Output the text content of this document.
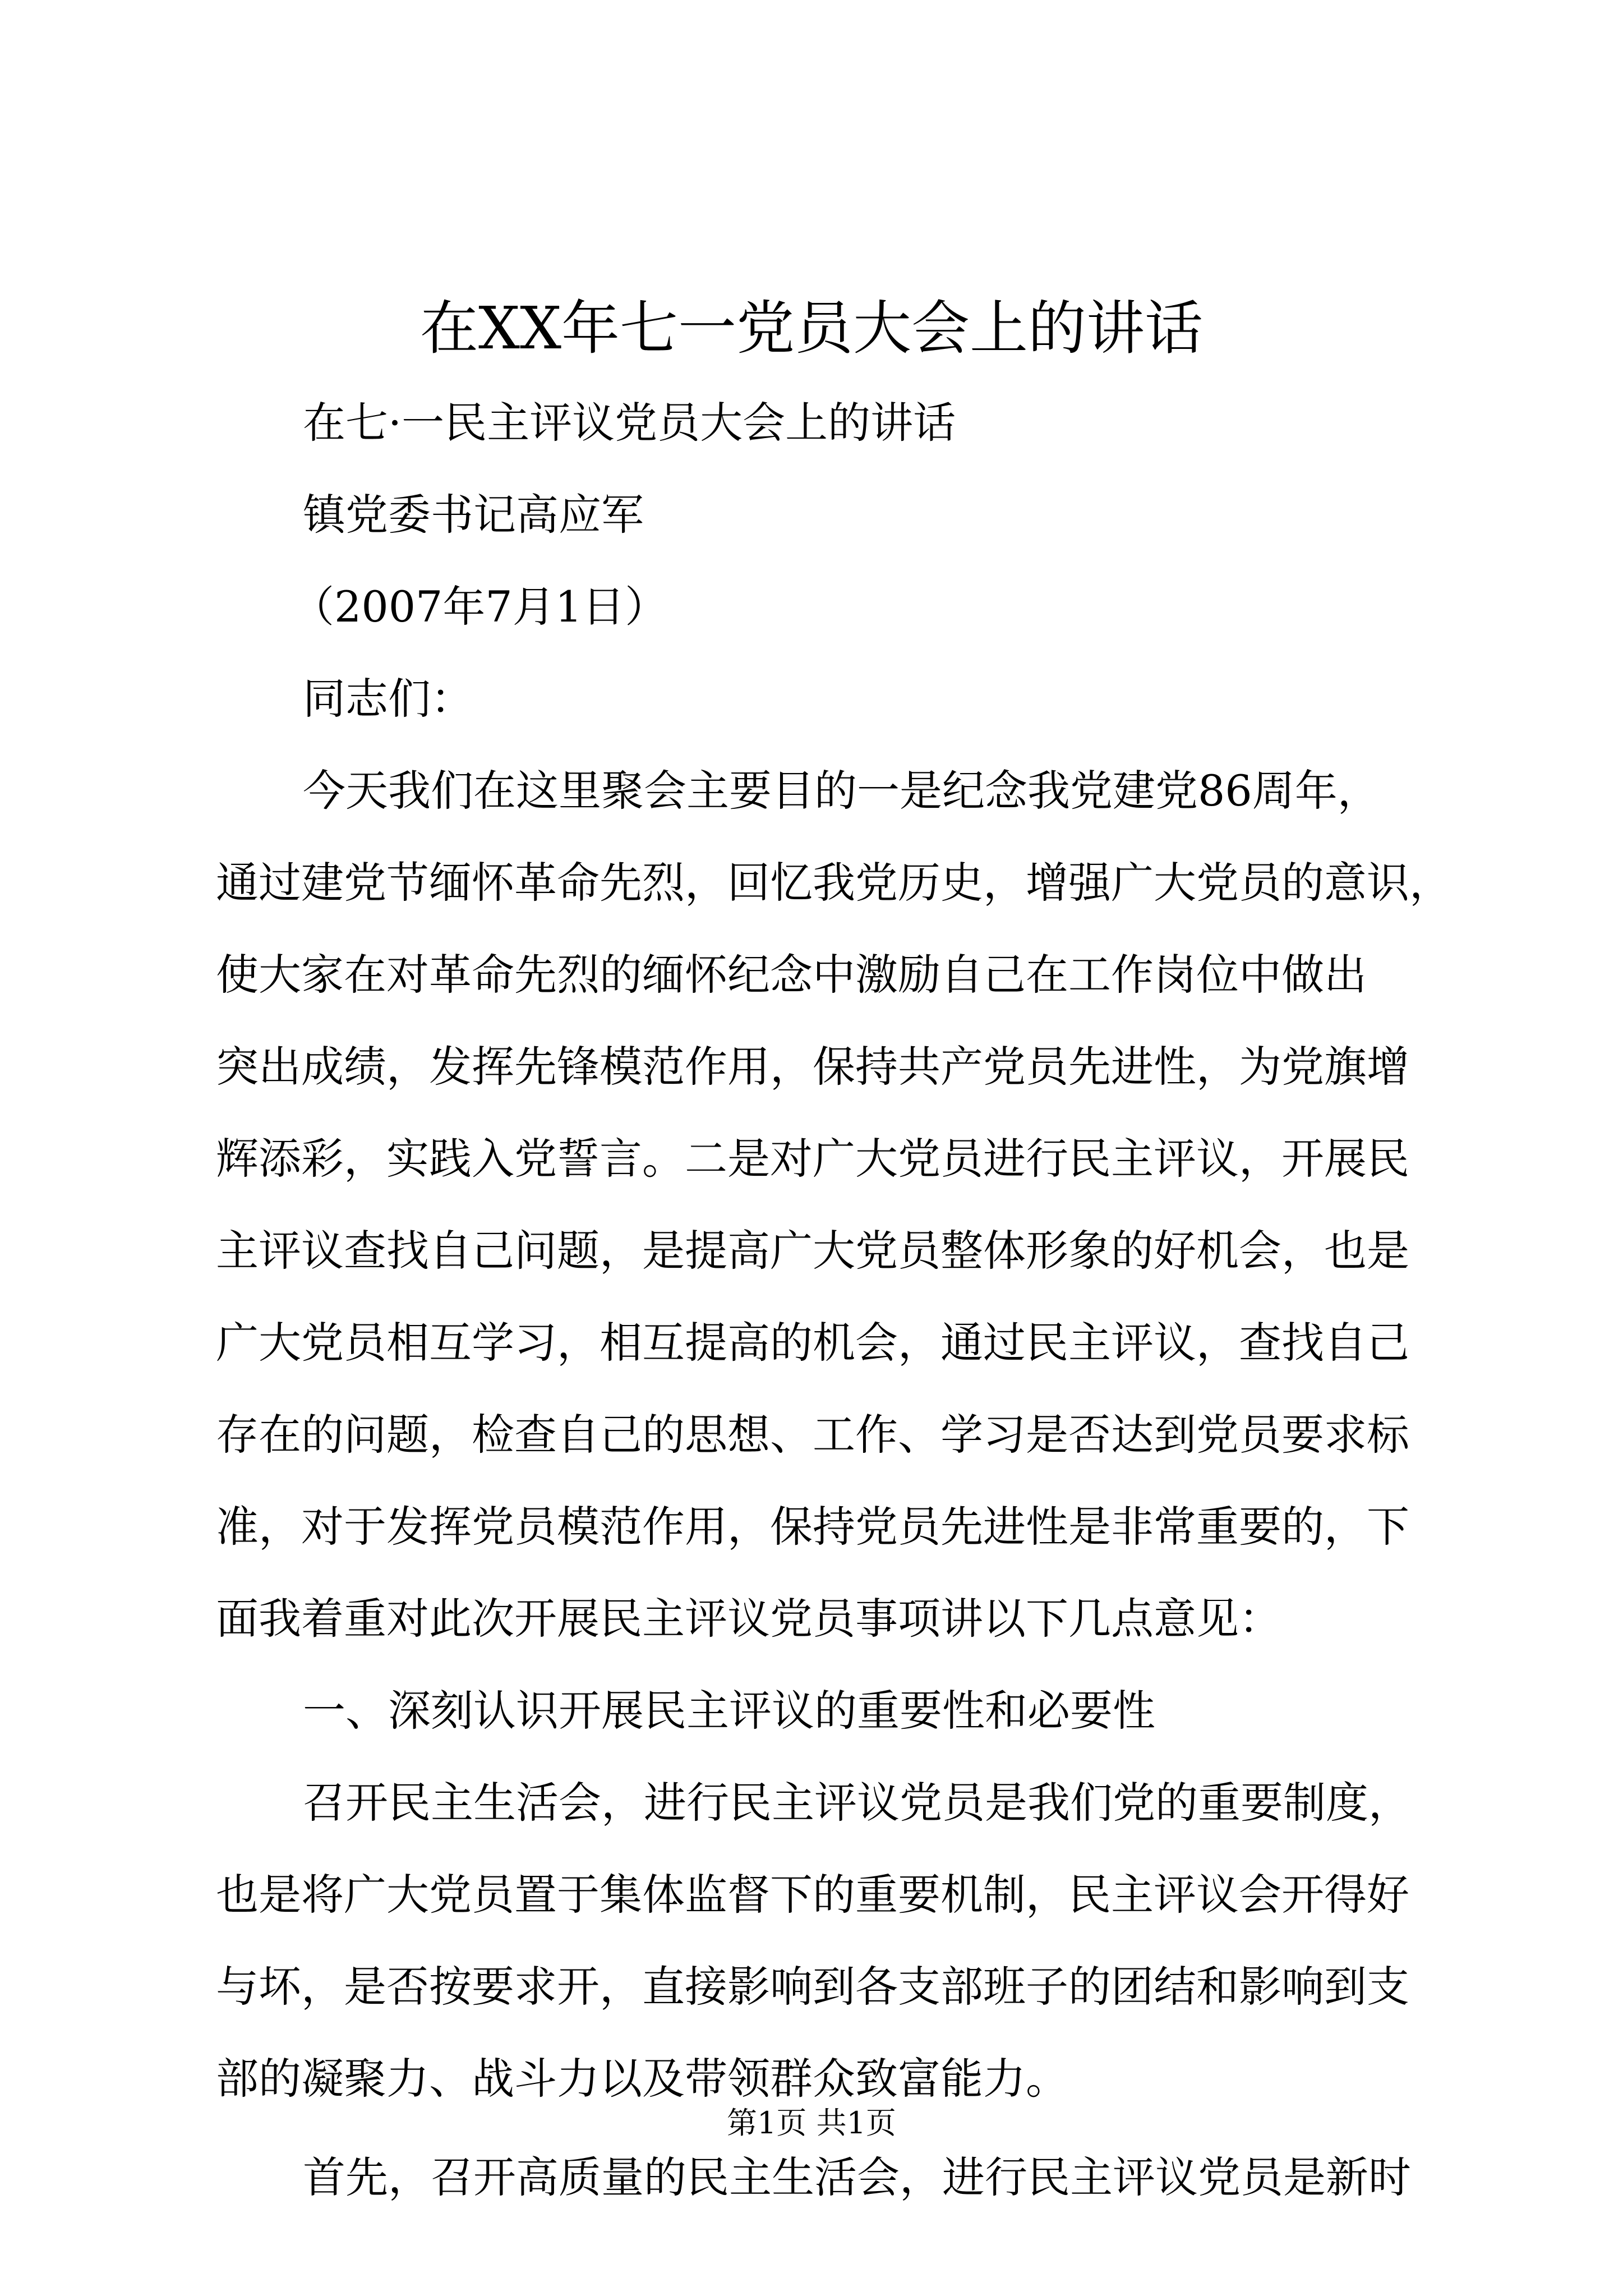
在XX年七一党员大会上的讲话
在七·一民主评议党员大会上的讲话
镇党委书记高应军
（2007年7月1日）
同志们：
今天我们在这里聚会主要目的一是纪念我党建党86周年，
通过建党节缅怀革命先烈，回忆我党历史，增强广大党员的意识，
使大家在对革命先烈的缅怀纪念中激励自己在工作岗位中做出
突出成绩，发挥先锋模范作用，保持共产党员先进性，为党旗增
辉添彩，实践入党誓言。二是对广大党员进行民主评议，开展民
主评议查找自己问题，是提高广大党员整体形象的好机会，也是
广大党员相互学习，相互提高的机会，通过民主评议，查找自己
存在的问题，检查自己的思想、工作、学习是否达到党员要求标
准，对于发挥党员模范作用，保持党员先进性是非常重要的，下
面我着重对此次开展民主评议党员事项讲以下几点意见：
一、深刻认识开展民主评议的重要性和必要性
召开民主生活会，进行民主评议党员是我们党的重要制度，
也是将广大党员置于集体监督下的重要机制，民主评议会开得好
与坏，是否按要求开，直接影响到各支部班子的团结和影响到支
部的凝聚力、战斗力以及带领群众致富能力。
首先，召开高质量的民主生活会，进行民主评议党员是新时
第1页 共1页
